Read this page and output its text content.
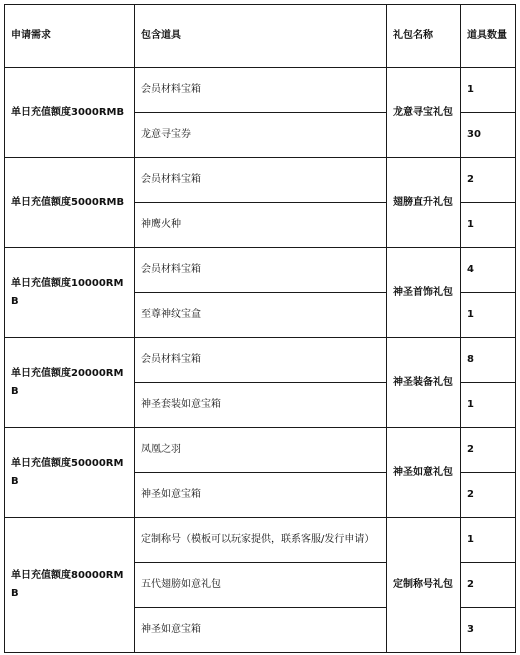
申请需求	包含道具	礼包名称	道具数量
单日充值额度3000RMB	会员材料宝箱	龙意寻宝礼包	1
	龙意寻宝券		30
单日充值额度5000RMB	会员材料宝箱	翅膀直升礼包	2
	神鹰火种		1
单日充值额度10000RMB	会员材料宝箱	神圣首饰礼包	4
	至尊神纹宝盒		1
单日充值额度20000RMB	会员材料宝箱	神圣装备礼包	8
	神圣套装如意宝箱		1
单日充值额度50000RMB	凤凰之羽	神圣如意礼包	2
	神圣如意宝箱		2
单日充值额度80000RMB	定制称号（模板可以玩家提供，联系客服/发行申请）	定制称号礼包	1
	五代翅膀如意礼包		2
	神圣如意宝箱		3
